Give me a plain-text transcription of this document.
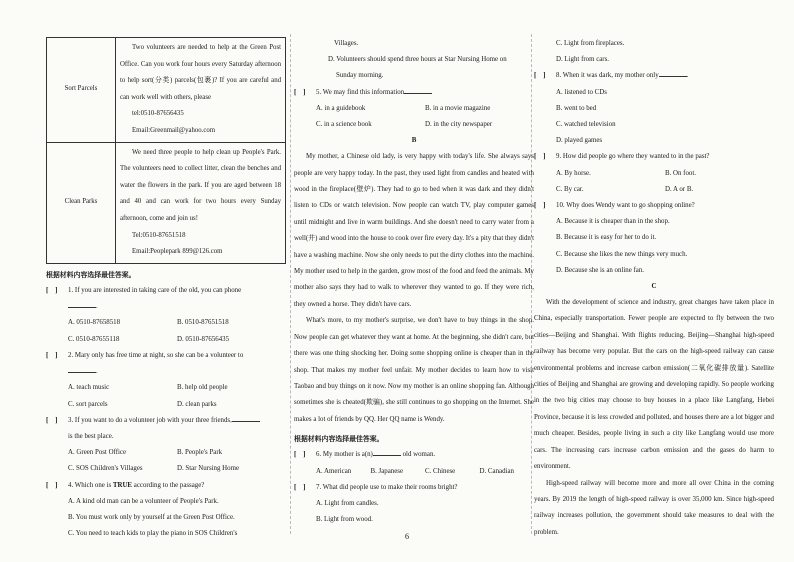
Sort Parcels	Two volunteers are needed to help at the Green Post Office. Can you work four hours every Saturday afternoon to help sort(分类) parcels(包裹)? If you are careful and can work well with others, please

tel:0510-87656435
Email:Greenmail@yahoo.com

Clean Parks	We need three people to help clean up People's Park. The volunteers need to collect litter, clean the benches and water the flowers in the park. If you are aged between 18 and 40 and can work for two hours every Sunday afternoon, come and join us!

Tel:0510-87651518
Email:Peoplepark 899@126.com
根据材料内容选择最佳答案。
[    ] 1. If you are interested in taking care of the old, you can phone
.
A. 0510-87658518	B. 0510-87651518
C. 0510-87655118	D. 0510-87656435
[    ] 2. Mary only has free time at night, so she can be a volunteer to
.
A. teach music	B. help old people
C. sort parcels	D. clean parks
[    ] 3. If you want to do a volunteer job with your three friends,
is the best place.
A. Green Post Office	B. People's Park
C. SOS Children's Villages	D. Star Nursing Home
[    ] 4. Which one is TRUE according to the passage?
A. A kind old man can be a volunteer of People's Park.
B. You must work only by yourself at the Green Post Office.
C. You need to teach kids to play the piano in SOS Children's
Villages.
D. Volunteers should spend three hours at Star Nursing Home on
Sunday morning.
[    ] 5. We may find this information
A. in a guidebook	B. in a movie magazine
C. in a science book	D. in the city newspaper
B

My mother, a Chinese old lady, is very happy with today's life. She always says people are very happy today. In the past, they used light from candles and heated with wood in the fireplace(壁炉). They had to go to bed when it was dark and they didn't listen to CDs or watch television. Now people can watch TV, play computer games until midnight and live in warm buildings. And she doesn't need to carry water from a well(井) and wood into the house to cook over fire every day. It's a pity that they didn't have a washing machine. Now she only needs to put the dirty clothes into the machine. My mother used to help in the garden, grow most of the food and feed the animals. My mother also says they had to walk to wherever they wanted to go. If they were rich, they owned a horse. They didn't have cars.

What's more, to my mother's surprise, we don't have to buy things in the shop. Now people can get whatever they want at home. At the beginning, she didn't care, but there was one thing shocking her. Doing some shopping online is cheaper than in the shop. That makes my mother feel unfair. My mother decides to learn how to visit Taobao and buy things on it now. Now my mother is an online shopping fan. Although sometimes she is cheated(欺骗), she still continues to go shopping on the Internet. She makes a lot of friends by QQ. Her QQ name is Wendy.

根据材料内容选择最佳答案。
[    ] 6. My mother is a(n)	old woman.
A. American	B. Japanese	C. Chinese	D. Canadian
[    ] 7. What did people use to make their rooms bright?
A. Light from candles.
B. Light from wood.
C. Light from fireplaces.
D. Light from cars.
[    ] 8. When it was dark, my mother only	.
A. listened to CDs
B. went to bed
C. watched television
D. played games
[    ] 9. How did people go where they wanted to in the past?
A. By horse.	B. On foot.
C. By car.	D. A or B.
[    ] 10. Why does Wendy want to go shopping online?
A. Because it is cheaper than in the shop.
B. Because it is easy for her to do it.
C. Because she likes the new things very much.
D. Because she is an online fan.
C

With the development of science and industry, great changes have taken place in China, especially transportation. Fewer people are expected to fly between the two cities—Beijing and Shanghai. With flights reducing, Beijing—Shanghai high-speed railway has become very popular. But the cars on the high-speed railway can cause environmental problems and increase carbon emission(二氧化碳排放量). Satellite cities of Beijing and Shanghai are growing and developing rapidly. So people working in the two big cities may choose to buy houses in a place like Langfang, Hebei Province, because it is less crowded and polluted, and houses there are a lot bigger and much cheaper. Besides, people living in such a city like Langfang would use more cars. The increasing cars increase carbon emission and the gases do harm to environment.

High-speed railway will become more and more all over China in the coming years. By 2019 the length of high-speed railway is over 35,000 km. Since high-speed railway increases pollution, the government should take measures to deal with the problem.

6
